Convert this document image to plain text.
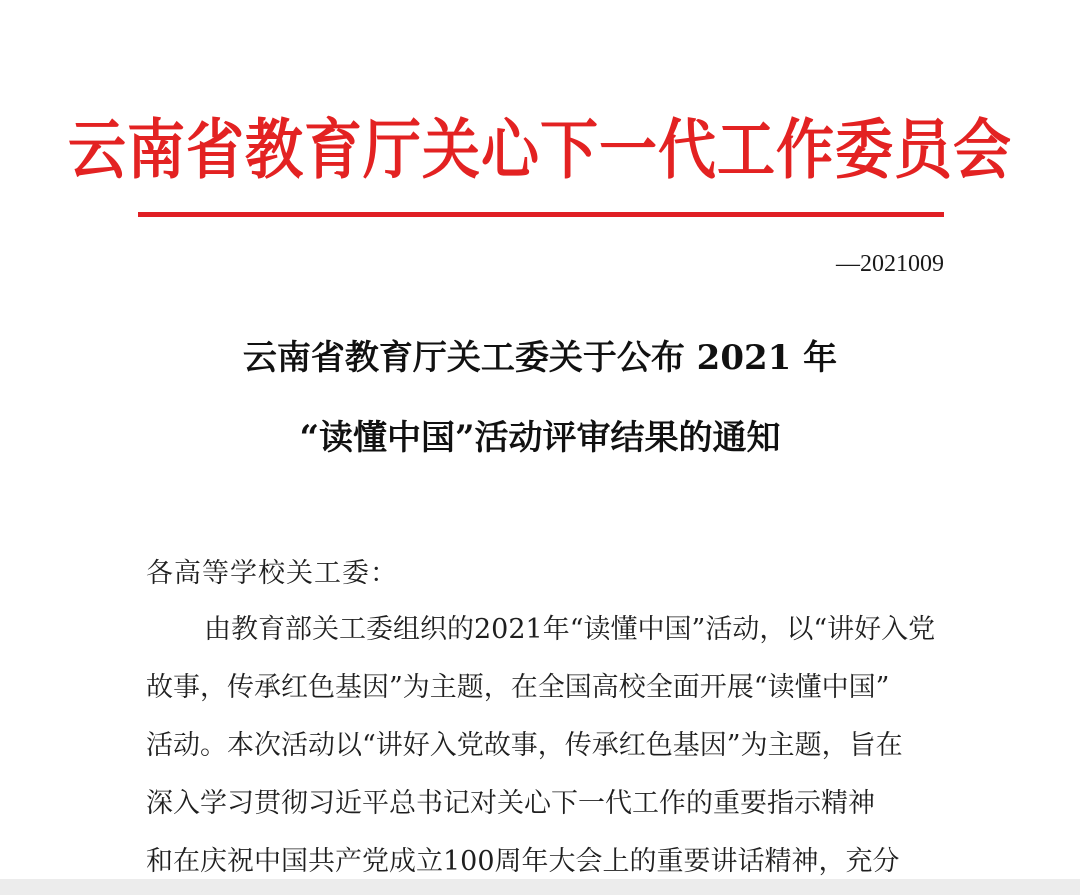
云南省教育厅关心下一代工作委员会
—2021009
云南省教育厅关工委关于公布 2021 年
“读懂中国”活动评审结果的通知
各高等学校关工委：
由教育部关工委组织的2021年“读懂中国”活动，以“讲好入党
故事，传承红色基因”为主题，在全国高校全面开展“读懂中国”
活动。本次活动以“讲好入党故事，传承红色基因”为主题，旨在
深入学习贯彻习近平总书记对关心下一代工作的重要指示精神
和在庆祝中国共产党成立100周年大会上的重要讲话精神，充分
